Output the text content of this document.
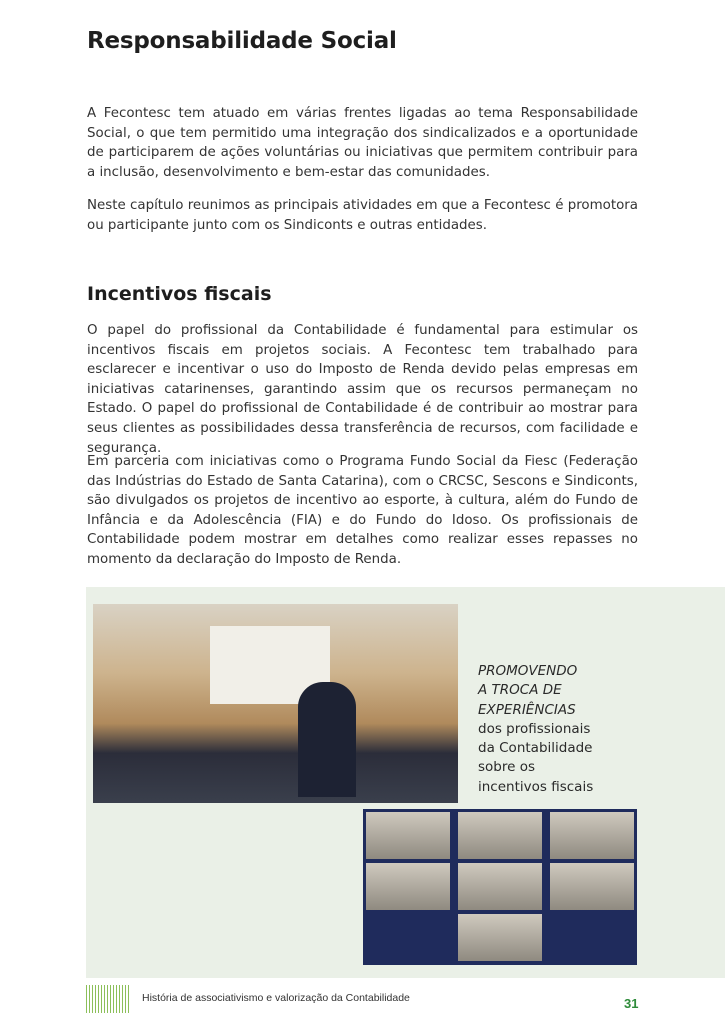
Responsabilidade Social

A Fecontesc tem atuado em várias frentes ligadas ao tema Responsabilidade Social, o que tem permitido uma integração dos sindicalizados e a oportunidade de participarem de ações voluntárias ou iniciativas que permitem contribuir para a inclusão, desenvolvimento e bem-estar das comunidades.

Neste capítulo reunimos as principais atividades em que a Fecontesc é promotora ou participante junto com os Sindiconts e outras entidades.

Incentivos fiscais

O papel do profissional da Contabilidade é fundamental para estimular os incentivos fiscais em projetos sociais. A Fecontesc tem trabalhado para esclarecer e incentivar o uso do Imposto de Renda devido pelas empresas em iniciativas catarinenses, garantindo assim que os recursos permaneçam no Estado. O papel do profissional de Contabilidade é de contribuir ao mostrar para seus clientes as possibilidades dessa transferência de recursos, com facilidade e segurança.

Em parceria com iniciativas como o Programa Fundo Social da Fiesc (Federação das Indústrias do Estado de Santa Catarina), com o CRCSC, Sescons e Sindiconts, são divulgados os projetos de incentivo ao esporte, à cultura, além do Fundo de Infância e da Adolescência (FIA) e do Fundo do Idoso. Os profissionais de Contabilidade podem mostrar em detalhes como realizar esses repasses no momento da declaração do Imposto de Renda.

PROMOVENDO
A TROCA DE
EXPERIÊNCIAS
dos profissionais
da Contabilidade
sobre os
incentivos fiscais
História de associativismo e valorização da Contabilidade	31
